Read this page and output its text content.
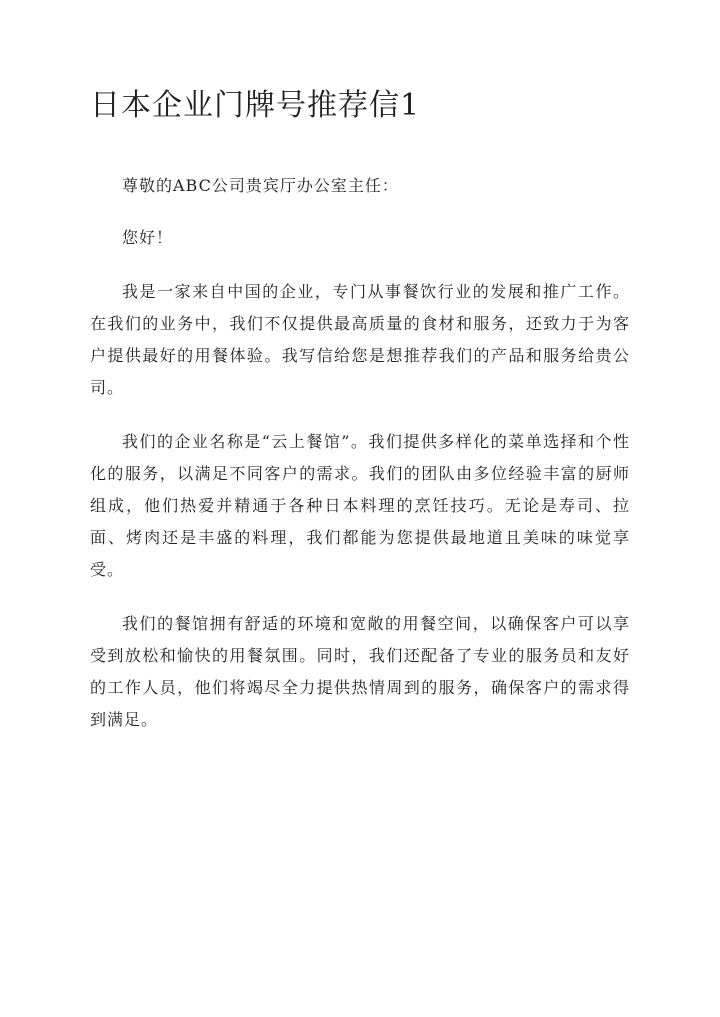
日本企业门牌号推荐信1

尊敬的ABC公司贵宾厅办公室主任：

您好！

我是一家来自中国的企业，专门从事餐饮行业的发展和推广工作。在我们的业务中，我们不仅提供最高质量的食材和服务，还致力于为客户提供最好的用餐体验。我写信给您是想推荐我们的产品和服务给贵公司。

我们的企业名称是“云上餐馆”。我们提供多样化的菜单选择和个性化的服务，以满足不同客户的需求。我们的团队由多位经验丰富的厨师组成，他们热爱并精通于各种日本料理的烹饪技巧。无论是寿司、拉面、烤肉还是丰盛的料理，我们都能为您提供最地道且美味的味觉享受。

我们的餐馆拥有舒适的环境和宽敞的用餐空间，以确保客户可以享受到放松和愉快的用餐氛围。同时，我们还配备了专业的服务员和友好的工作人员，他们将竭尽全力提供热情周到的服务，确保客户的需求得到满足。
